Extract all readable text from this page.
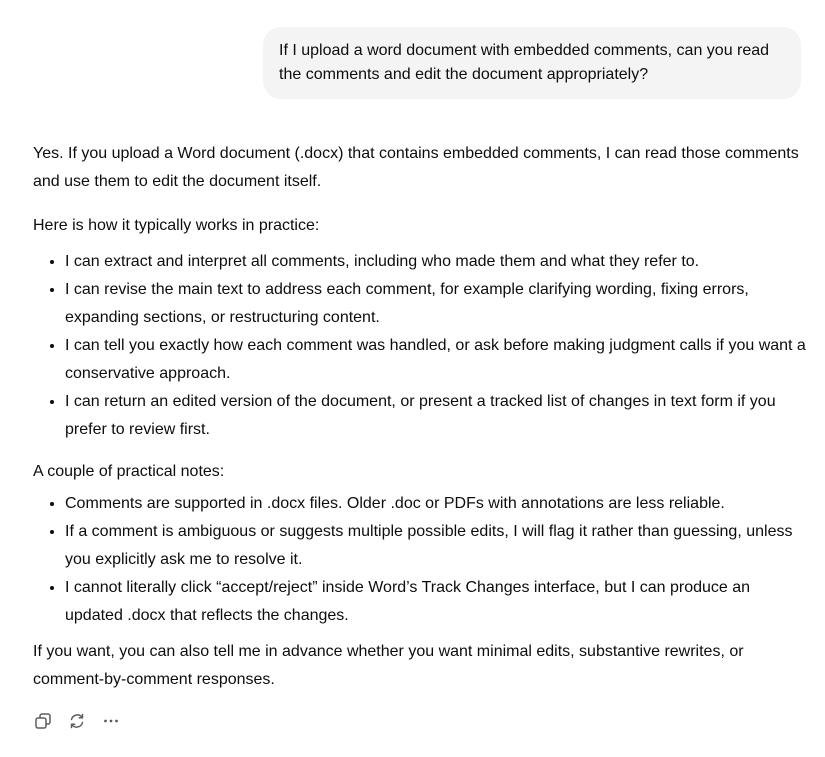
If I upload a word document with embedded comments, can you read the comments and edit the document appropriately?

Yes. If you upload a Word document (.docx) that contains embedded comments, I can read those comments and use them to edit the document itself.

Here is how it typically works in practice:

• I can extract and interpret all comments, including who made them and what they refer to.
• I can revise the main text to address each comment, for example clarifying wording, fixing errors, expanding sections, or restructuring content.
• I can tell you exactly how each comment was handled, or ask before making judgment calls if you want a conservative approach.
• I can return an edited version of the document, or present a tracked list of changes in text form if you prefer to review first.

A couple of practical notes:

• Comments are supported in .docx files. Older .doc or PDFs with annotations are less reliable.
• If a comment is ambiguous or suggests multiple possible edits, I will flag it rather than guessing, unless you explicitly ask me to resolve it.
• I cannot literally click “accept/reject” inside Word’s Track Changes interface, but I can produce an updated .docx that reflects the changes.

If you want, you can also tell me in advance whether you want minimal edits, substantive rewrites, or comment-by-comment responses.
